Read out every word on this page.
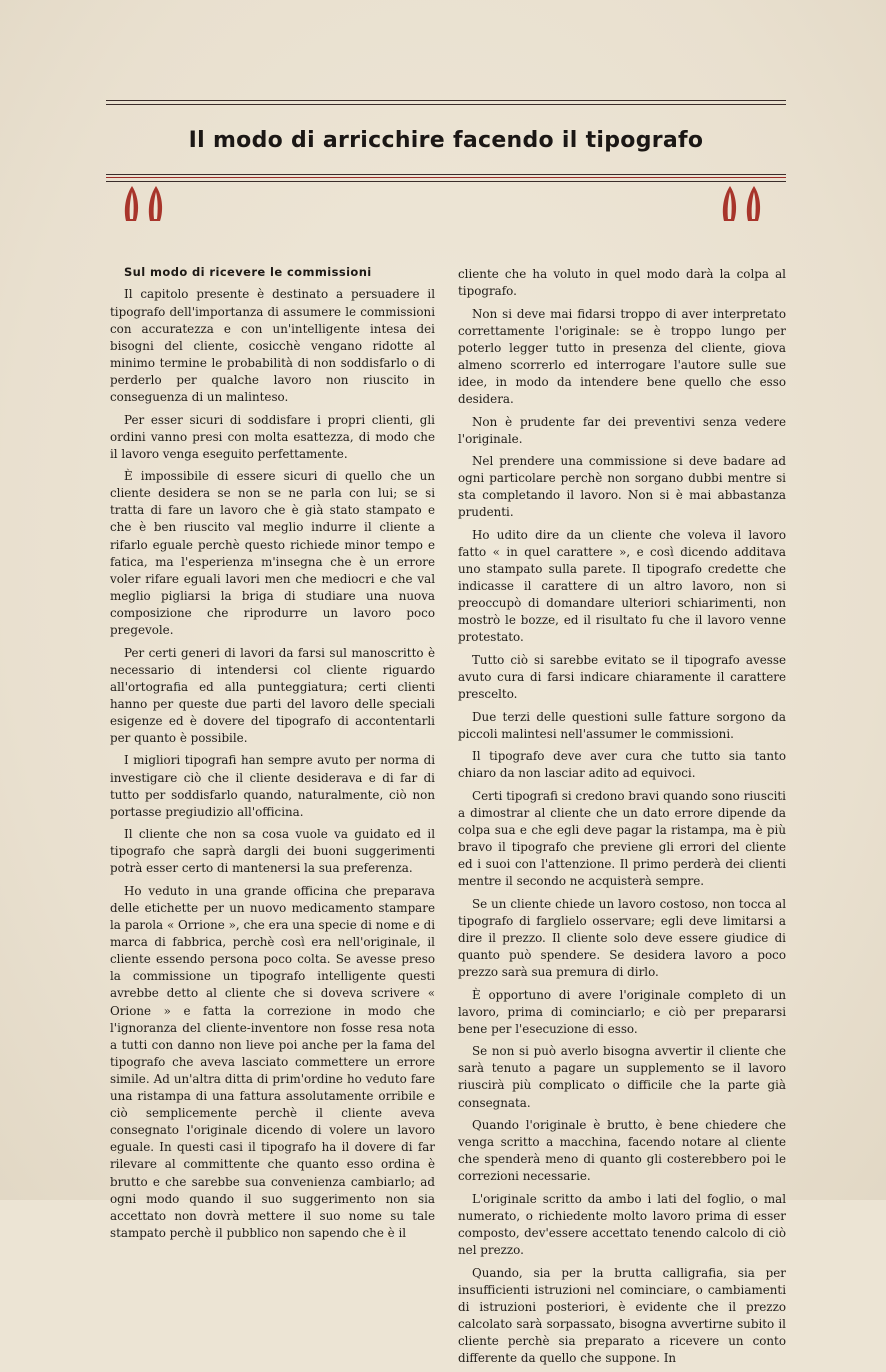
Il modo di arricchire facendo il tipografo

Sul modo di ricevere le commissioni

Il capitolo presente è destinato a persuadere il tipografo dell'importanza di assumere le commissioni con accuratezza e con un'intelligente intesa dei bisogni del cliente, cosicchè vengano ridotte al minimo termine le probabilità di non soddisfarlo o di perderlo per qualche lavoro non riuscito in conseguenza di un malinteso.

Per esser sicuri di soddisfare i propri clienti, gli ordini vanno presi con molta esattezza, di modo che il lavoro venga eseguito perfettamente.

È impossibile di essere sicuri di quello che un cliente desidera se non se ne parla con lui; se si tratta di fare un lavoro che è già stato stampato e che è ben riuscito val meglio indurre il cliente a rifarlo eguale perchè questo richiede minor tempo e fatica, ma l'esperienza m'insegna che è un errore voler rifare eguali lavori men che mediocri e che val meglio pigliarsi la briga di studiare una nuova composizione che riprodurre un lavoro poco pregevole.

Per certi generi di lavori da farsi sul manoscritto è necessario di intendersi col cliente riguardo all'ortografia ed alla punteggiatura; certi clienti hanno per queste due parti del lavoro delle speciali esigenze ed è dovere del tipografo di accontentarli per quanto è possibile.

I migliori tipografi han sempre avuto per norma di investigare ciò che il cliente desiderava e di far di tutto per soddisfarlo quando, naturalmente, ciò non portasse pregiudizio all'officina.

Il cliente che non sa cosa vuole va guidato ed il tipografo che saprà dargli dei buoni suggerimenti potrà esser certo di mantenersi la sua preferenza.

Ho veduto in una grande officina che preparava delle etichette per un nuovo medicamento stampare la parola « Orrione », che era una specie di nome e di marca di fabbrica, perchè così era nell'originale, il cliente essendo persona poco colta. Se avesse preso la commissione un tipografo intelligente questi avrebbe detto al cliente che si doveva scrivere « Orione » e fatta la correzione in modo che l'ignoranza del cliente-inventore non fosse resa nota a tutti con danno non lieve poi anche per la fama del tipografo che aveva lasciato commettere un errore simile. Ad un'altra ditta di prim'ordine ho veduto fare una ristampa di una fattura assolutamente orribile e ciò semplicemente perchè il cliente aveva consegnato l'originale dicendo di volere un lavoro eguale. In questi casi il tipografo ha il dovere di far rilevare al committente che quanto esso ordina è brutto e che sarebbe sua convenienza cambiarlo; ad ogni modo quando il suo suggerimento non sia accettato non dovrà mettere il suo nome su tale stampato perchè il pubblico non sapendo che è il

cliente che ha voluto in quel modo darà la colpa al tipografo.

Non si deve mai fidarsi troppo di aver interpretato correttamente l'originale: se è troppo lungo per poterlo legger tutto in presenza del cliente, giova almeno scorrerlo ed interrogare l'autore sulle sue idee, in modo da intendere bene quello che esso desidera.

Non è prudente far dei preventivi senza vedere l'originale.

Nel prendere una commissione si deve badare ad ogni particolare perchè non sorgano dubbi mentre si sta completando il lavoro. Non si è mai abbastanza prudenti.

Ho udito dire da un cliente che voleva il lavoro fatto « in quel carattere », e così dicendo additava uno stampato sulla parete. Il tipografo credette che indicasse il carattere di un altro lavoro, non si preoccupò di domandare ulteriori schiarimenti, non mostrò le bozze, ed il risultato fu che il lavoro venne protestato.

Tutto ciò si sarebbe evitato se il tipografo avesse avuto cura di farsi indicare chiaramente il carattere prescelto.

Due terzi delle questioni sulle fatture sorgono da piccoli malintesi nell'assumer le commissioni.

Il tipografo deve aver cura che tutto sia tanto chiaro da non lasciar adito ad equivoci.

Certi tipografi si credono bravi quando sono riusciti a dimostrar al cliente che un dato errore dipende da colpa sua e che egli deve pagar la ristampa, ma è più bravo il tipografo che previene gli errori del cliente ed i suoi con l'attenzione. Il primo perderà dei clienti mentre il secondo ne acquisterà sempre.

Se un cliente chiede un lavoro costoso, non tocca al tipografo di farglielo osservare; egli deve limitarsi a dire il prezzo. Il cliente solo deve essere giudice di quanto può spendere. Se desidera lavoro a poco prezzo sarà sua premura di dirlo.

È opportuno di avere l'originale completo di un lavoro, prima di cominciarlo; e ciò per prepararsi bene per l'esecuzione di esso.

Se non si può averlo bisogna avvertir il cliente che sarà tenuto a pagare un supplemento se il lavoro riuscirà più complicato o difficile che la parte già consegnata.

Quando l'originale è brutto, è bene chiedere che venga scritto a macchina, facendo notare al cliente che spenderà meno di quanto gli costerebbero poi le correzioni necessarie.

L'originale scritto da ambo i lati del foglio, o mal numerato, o richiedente molto lavoro prima di esser composto, dev'essere accettato tenendo calcolo di ciò nel prezzo.

Quando, sia per la brutta calligrafia, sia per insufficienti istruzioni nel cominciare, o cambiamenti di istruzioni posteriori, è evidente che il prezzo calcolato sarà sorpassato, bisogna avvertirne subito il cliente perchè sia preparato a ricevere un conto differente da quello che suppone. In
